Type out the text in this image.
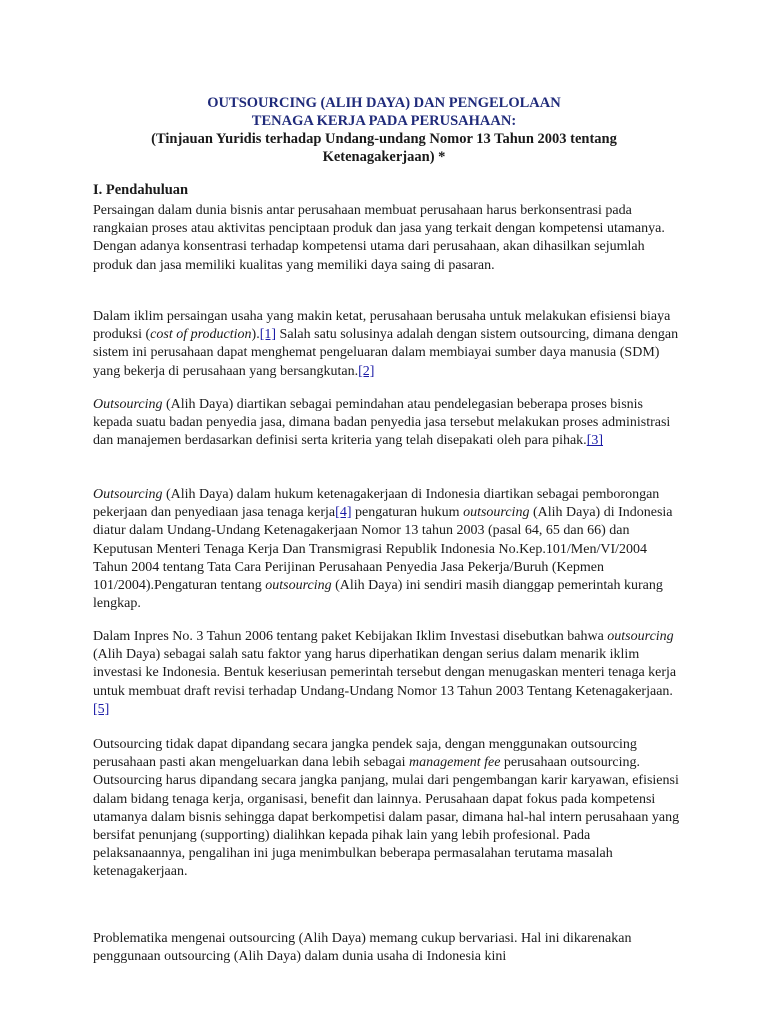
OUTSOURCING (ALIH DAYA) DAN PENGELOLAAN
TENAGA KERJA PADA PERUSAHAAN:
(Tinjauan Yuridis terhadap Undang-undang Nomor 13 Tahun 2003 tentang
Ketenagakerjaan) *
I. Pendahuluan

Persaingan dalam dunia bisnis antar perusahaan membuat perusahaan harus berkonsentrasi pada rangkaian proses atau aktivitas penciptaan produk dan jasa yang terkait dengan kompetensi utamanya. Dengan adanya konsentrasi terhadap kompetensi utama dari perusahaan, akan dihasilkan sejumlah produk dan jasa memiliki kualitas yang memiliki daya saing di pasaran.

Dalam iklim persaingan usaha yang makin ketat, perusahaan berusaha untuk melakukan efisiensi biaya produksi (cost of production).[1] Salah satu solusinya adalah dengan sistem outsourcing, dimana dengan sistem ini perusahaan dapat menghemat pengeluaran dalam membiayai sumber daya manusia (SDM) yang bekerja di perusahaan yang bersangkutan.[2]

Outsourcing (Alih Daya) diartikan sebagai pemindahan atau pendelegasian beberapa proses bisnis kepada suatu badan penyedia jasa, dimana badan penyedia jasa tersebut melakukan proses administrasi dan manajemen berdasarkan definisi serta kriteria yang telah disepakati oleh para pihak.[3]

Outsourcing (Alih Daya) dalam hukum ketenagakerjaan di Indonesia diartikan sebagai pemborongan pekerjaan dan penyediaan jasa tenaga kerja[4] pengaturan hukum outsourcing (Alih Daya) di Indonesia diatur dalam Undang-Undang Ketenagakerjaan Nomor 13 tahun 2003 (pasal 64, 65 dan 66) dan Keputusan Menteri Tenaga Kerja Dan Transmigrasi Republik Indonesia No.Kep.101/Men/VI/2004 Tahun 2004 tentang Tata Cara Perijinan Perusahaan Penyedia Jasa Pekerja/Buruh (Kepmen 101/2004).Pengaturan tentang outsourcing (Alih Daya) ini sendiri masih dianggap pemerintah kurang lengkap.

Dalam Inpres No. 3 Tahun 2006 tentang paket Kebijakan Iklim Investasi disebutkan bahwa outsourcing (Alih Daya) sebagai salah satu faktor yang harus diperhatikan dengan serius dalam menarik iklim investasi ke Indonesia. Bentuk keseriusan pemerintah tersebut dengan menugaskan menteri tenaga kerja untuk membuat draft revisi terhadap Undang-Undang Nomor 13 Tahun 2003 Tentang Ketenagakerjaan.[5]

Outsourcing tidak dapat dipandang secara jangka pendek saja, dengan menggunakan outsourcing perusahaan pasti akan mengeluarkan dana lebih sebagai management fee perusahaan outsourcing. Outsourcing harus dipandang secara jangka panjang, mulai dari pengembangan karir karyawan, efisiensi dalam bidang tenaga kerja, organisasi, benefit dan lainnya. Perusahaan dapat fokus pada kompetensi utamanya dalam bisnis sehingga dapat berkompetisi dalam pasar, dimana hal-hal intern perusahaan yang bersifat penunjang (supporting) dialihkan kepada pihak lain yang lebih profesional. Pada pelaksanaannya, pengalihan ini juga menimbulkan beberapa permasalahan terutama masalah ketenagakerjaan.

Problematika mengenai outsourcing (Alih Daya) memang cukup bervariasi. Hal ini dikarenakan penggunaan outsourcing (Alih Daya) dalam dunia usaha di Indonesia kini
